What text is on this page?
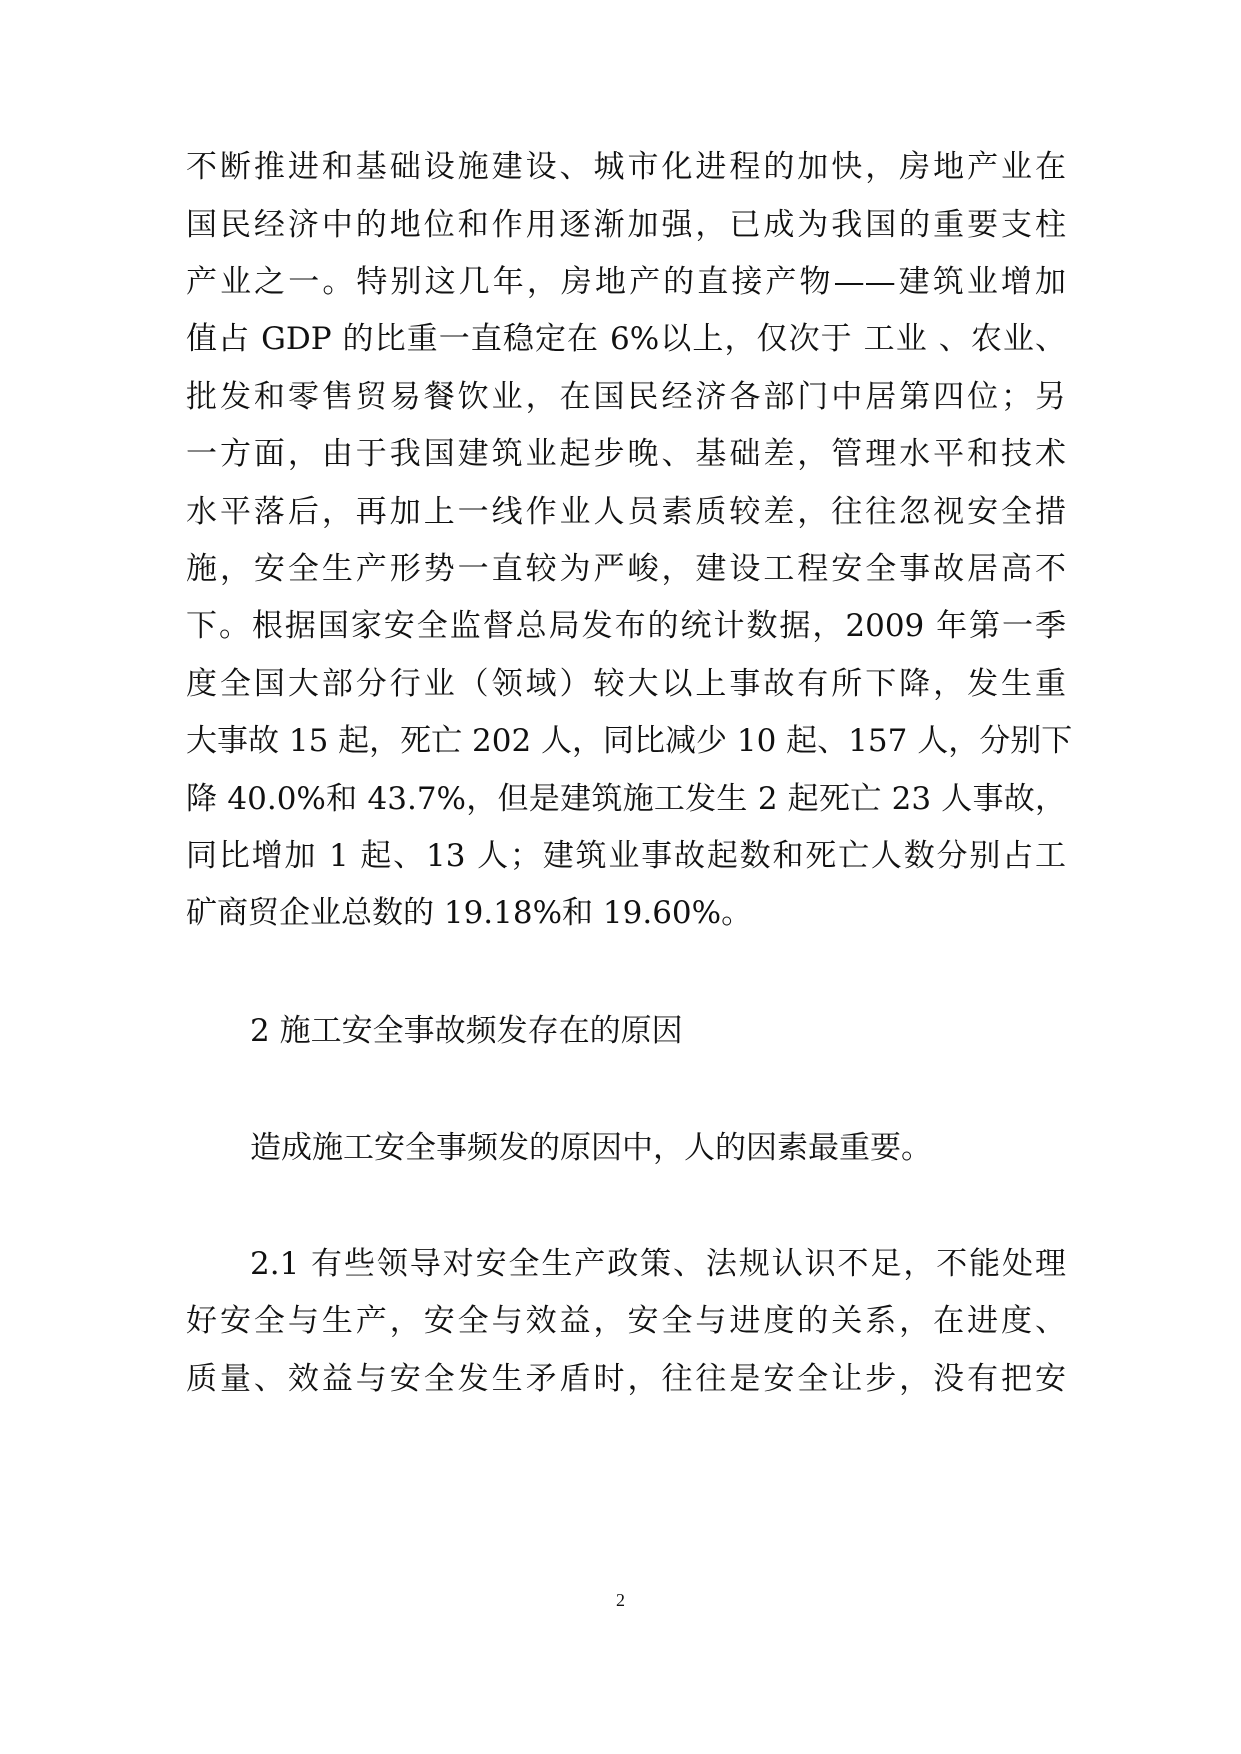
不断推进和基础设施建设、城市化进程的加快，房地产业在
国民经济中的地位和作用逐渐加强，已成为我国的重要支柱
产业之一。特别这几年，房地产的直接产物——建筑业增加
值占 GDP 的比重一直稳定在 6%以上，仅次于 工业 、农业、
批发和零售贸易餐饮业，在国民经济各部门中居第四位；另
一方面，由于我国建筑业起步晚、基础差，管理水平和技术
水平落后，再加上一线作业人员素质较差，往往忽视安全措
施，安全生产形势一直较为严峻，建设工程安全事故居高不
下。根据国家安全监督总局发布的统计数据，2009 年第一季
度全国大部分行业（领域）较大以上事故有所下降，发生重
大事故 15 起，死亡 202 人，同比减少 10 起、157 人，分别下
降 40.0%和 43.7%，但是建筑施工发生 2 起死亡 23 人事故，
同比增加 1 起、13 人；建筑业事故起数和死亡人数分别占工
矿商贸企业总数的 19.18%和 19.60%。
2 施工安全事故频发存在的原因
造成施工安全事频发的原因中，人的因素最重要。
2.1 有些领导对安全生产政策、法规认识不足，不能处理
好安全与生产，安全与效益，安全与进度的关系，在进度、
质量、效益与安全发生矛盾时，往往是安全让步，没有把安
2
